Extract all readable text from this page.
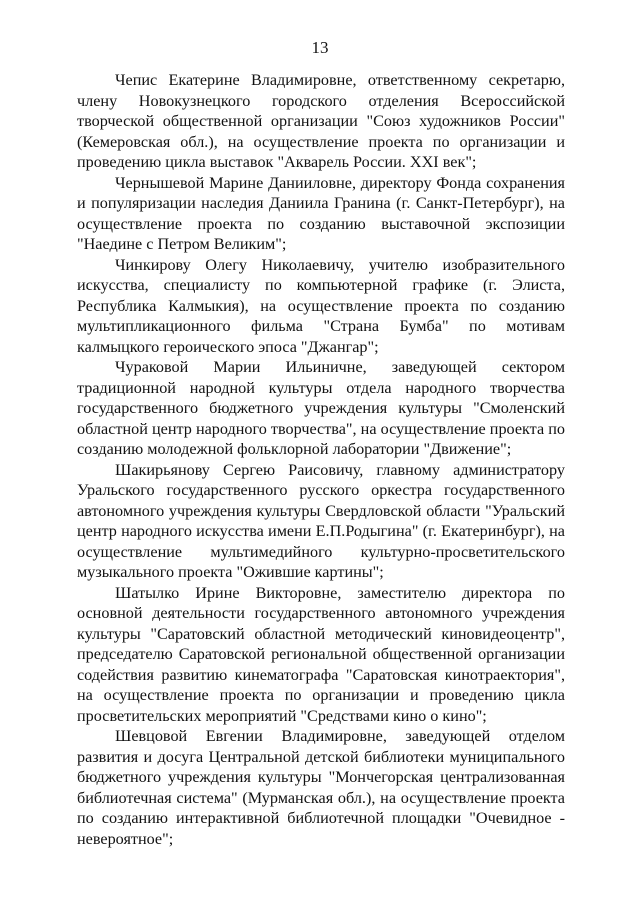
13

Чепис Екатерине Владимировне, ответственному секретарю, члену Новокузнецкого городского отделения Всероссийской творческой общественной организации "Союз художников России" (Кемеровская обл.), на осуществление проекта по организации и проведению цикла выставок "Акварель России. XXI век";

Чернышевой Марине Данииловне, директору Фонда сохранения и популяризации наследия Даниила Гранина (г. Санкт-Петербург), на осуществление проекта по созданию выставочной экспозиции "Наедине с Петром Великим";

Чинкирову Олегу Николаевичу, учителю изобразительного искусства, специалисту по компьютерной графике (г. Элиста, Республика Калмыкия), на осуществление проекта по созданию мультипликационного фильма "Страна Бумба" по мотивам калмыцкого героического эпоса "Джангар";

Чураковой Марии Ильиничне, заведующей сектором традиционной народной культуры отдела народного творчества государственного бюджетного учреждения культуры "Смоленский областной центр народного творчества", на осуществление проекта по созданию молодежной фольклорной лаборатории "Движение";

Шакирьянову Сергею Раисовичу, главному администратору Уральского государственного русского оркестра государственного автономного учреждения культуры Свердловской области "Уральский центр народного искусства имени Е.П.Родыгина" (г. Екатеринбург), на осуществление мультимедийного культурно-просветительского музыкального проекта "Ожившие картины";

Шатылко Ирине Викторовне, заместителю директора по основной деятельности государственного автономного учреждения культуры "Саратовский областной методический киновидеоцентр", председателю Саратовской региональной общественной организации содействия развитию кинематографа "Саратовская кинотраектория", на осуществление проекта по организации и проведению цикла просветительских мероприятий "Средствами кино о кино";

Шевцовой Евгении Владимировне, заведующей отделом развития и досуга Центральной детской библиотеки муниципального бюджетного учреждения культуры "Мончегорская централизованная библиотечная система" (Мурманская обл.), на осуществление проекта по созданию интерактивной библиотечной площадки "Очевидное - невероятное";
